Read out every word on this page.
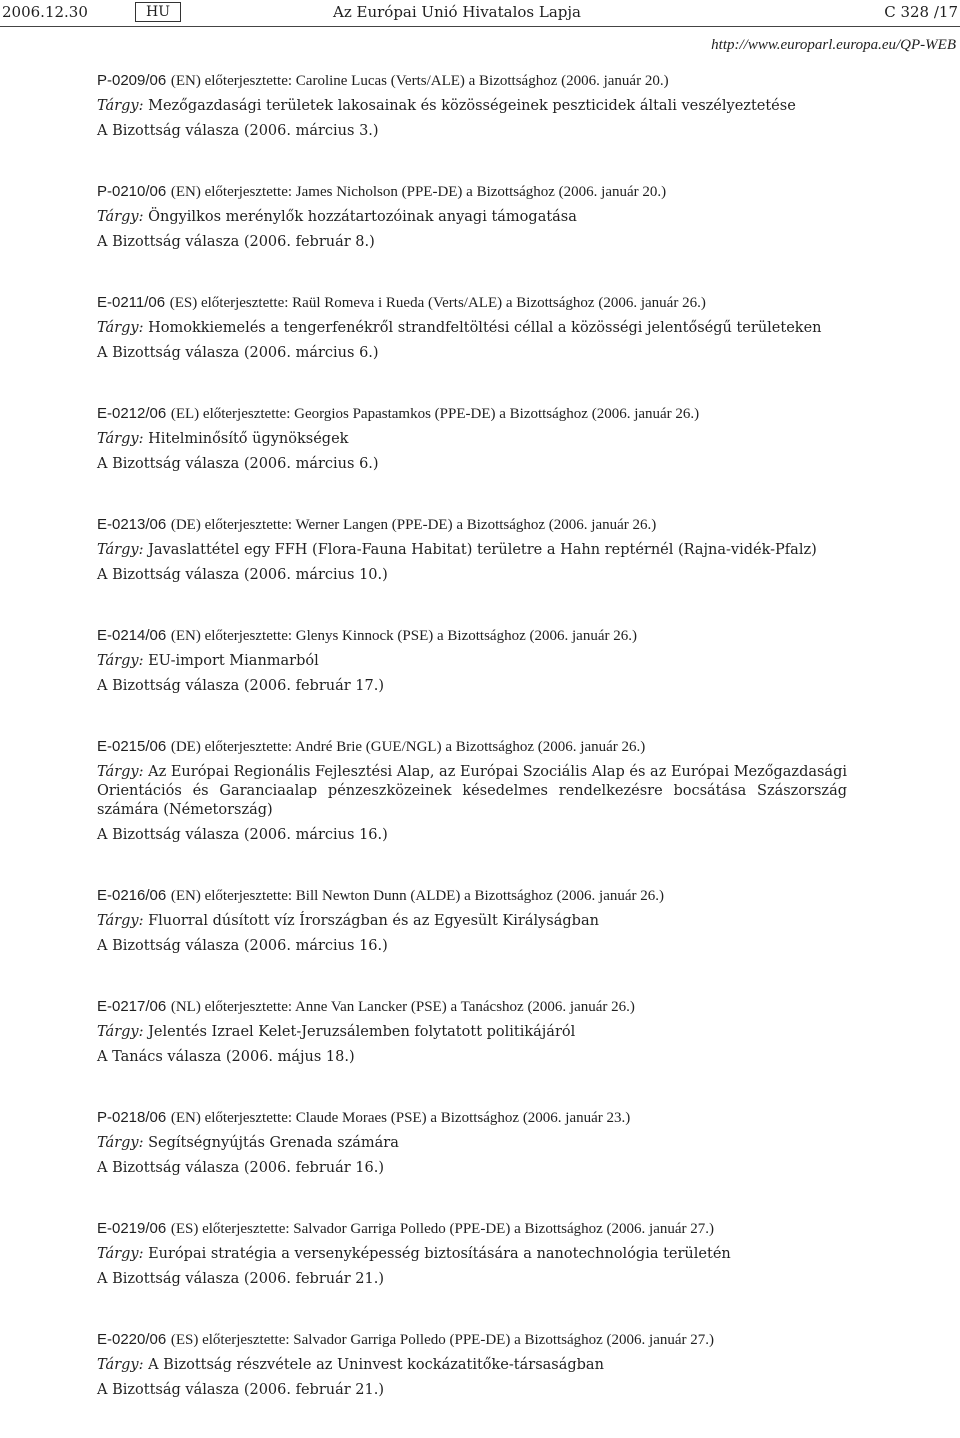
2006.12.30	HU	Az Európai Unió Hivatalos Lapja	C 328 /17
http://www.europarl.europa.eu/QP-WEB
P-0209/06 (EN) előterjesztette: Caroline Lucas (Verts/ALE) a Bizottsághoz (2006. január 20.)
Tárgy: Mezőgazdasági területek lakosainak és közösségeinek peszticidek általi veszélyeztetése
A Bizottság válasza (2006. március 3.)
P-0210/06 (EN) előterjesztette: James Nicholson (PPE-DE) a Bizottsághoz (2006. január 20.)
Tárgy: Öngyilkos merénylők hozzátartozóinak anyagi támogatása
A Bizottság válasza (2006. február 8.)
E-0211/06 (ES) előterjesztette: Raül Romeva i Rueda (Verts/ALE) a Bizottsághoz (2006. január 26.)
Tárgy: Homokkiemelés a tengerfenékről strandfeltöltési céllal a közösségi jelentőségű területeken
A Bizottság válasza (2006. március 6.)
E-0212/06 (EL) előterjesztette: Georgios Papastamkos (PPE-DE) a Bizottsághoz (2006. január 26.)
Tárgy: Hitelminősítő ügynökségek
A Bizottság válasza (2006. március 6.)
E-0213/06 (DE) előterjesztette: Werner Langen (PPE-DE) a Bizottsághoz (2006. január 26.)
Tárgy: Javaslattétel egy FFH (Flora-Fauna Habitat) területre a Hahn reptérnél (Rajna-vidék-Pfalz)
A Bizottság válasza (2006. március 10.)
E-0214/06 (EN) előterjesztette: Glenys Kinnock (PSE) a Bizottsághoz (2006. január 26.)
Tárgy: EU-import Mianmarból
A Bizottság válasza (2006. február 17.)
E-0215/06 (DE) előterjesztette: André Brie (GUE/NGL) a Bizottsághoz (2006. január 26.)
Tárgy: Az Európai Regionális Fejlesztési Alap, az Európai Szociális Alap és az Európai Mezőgazdasági Orientációs és Garanciaalap pénzeszközeinek késedelmes rendelkezésre bocsátása Szászország számára (Németország)
A Bizottság válasza (2006. március 16.)
E-0216/06 (EN) előterjesztette: Bill Newton Dunn (ALDE) a Bizottsághoz (2006. január 26.)
Tárgy: Fluorral dúsított víz Írországban és az Egyesült Királyságban
A Bizottság válasza (2006. március 16.)
E-0217/06 (NL) előterjesztette: Anne Van Lancker (PSE) a Tanácshoz (2006. január 26.)
Tárgy: Jelentés Izrael Kelet-Jeruzsálemben folytatott politikájáról
A Tanács válasza (2006. május 18.)
P-0218/06 (EN) előterjesztette: Claude Moraes (PSE) a Bizottsághoz (2006. január 23.)
Tárgy: Segítségnyújtás Grenada számára
A Bizottság válasza (2006. február 16.)
E-0219/06 (ES) előterjesztette: Salvador Garriga Polledo (PPE-DE) a Bizottsághoz (2006. január 27.)
Tárgy: Európai stratégia a versenyképesség biztosítására a nanotechnológia területén
A Bizottság válasza (2006. február 21.)
E-0220/06 (ES) előterjesztette: Salvador Garriga Polledo (PPE-DE) a Bizottsághoz (2006. január 27.)
Tárgy: A Bizottság részvétele az Uninvest kockázatitőke-társaságban
A Bizottság válasza (2006. február 21.)
